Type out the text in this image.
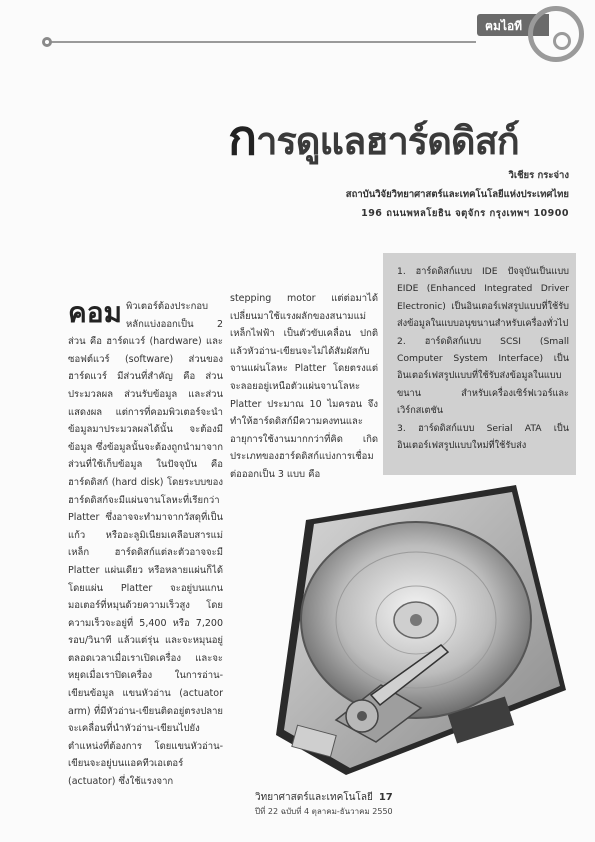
ฅมไอที
การดูแลฮาร์ดดิสก์
วิเชียร กระจ่าง
สถาบันวิจัยวิทยาศาสตร์และเทคโนโลยีแห่งประเทศไทย
196 ถนนพหลโยธิน จตุจักร กรุงเทพฯ 10900

คอม พิวเตอร์ต้องประกอบ หลักแบ่งออกเป็น 2 ส่วน คือ ฮาร์ดแวร์ (hardware) และซอฟต์แวร์ (software) ส่วนของฮาร์ดแวร์ มีส่วนที่สำคัญ คือ ส่วนประมวลผล ส่วนรับข้อมูล และส่วนแสดงผล แต่การที่คอมพิวเตอร์จะนำข้อมูลมาประมวลผลได้นั้น จะต้องมีข้อมูล ซึ่งข้อมูลนั้นจะต้องถูกนำมาจากส่วนที่ใช้เก็บข้อมูล ในปัจจุบัน คือ ฮาร์ดดิสก์ (hard disk) โดยระบบของฮาร์ดดิสก์จะมีแผ่นจานโลหะที่เรียกว่า Platter ซึ่งอาจจะทำมาจากวัสดุที่เป็นแก้ว หรืออะลูมิเนียมเคลือบสารแม่เหล็ก ฮาร์ดดิสก์แต่ละตัวอาจจะมี Platter แผ่นเดียว หรือหลายแผ่นก็ได้ โดยแผ่น Platter จะอยู่บนแกนมอเตอร์ที่หมุนด้วยความเร็วสูง โดยความเร็วจะอยู่ที่ 5,400 หรือ 7,200 รอบ/วินาที แล้วแต่รุ่น และจะหมุนอยู่ตลอดเวลาเมื่อเราเปิดเครื่อง และจะหยุดเมื่อเราปิดเครื่อง ในการอ่าน-เขียนข้อมูล แขนหัวอ่าน (actuator arm) ที่มีหัวอ่าน-เขียนติดอยู่ตรงปลาย จะเคลื่อนที่นำหัวอ่าน-เขียนไปยังตำแหน่งที่ต้องการ โดยแขนหัวอ่าน-เขียนจะอยู่บนแอคทีวเอเตอร์ (actuator) ซึ่งใช้แรงจาก

stepping motor แต่ต่อมาได้เปลี่ยนมาใช้แรงผลักของสนามแม่เหล็กไฟฟ้า เป็นตัวขับเคลื่อน ปกติแล้วหัวอ่าน-เขียนจะไม่ได้สัมผัสกับจานแผ่นโลหะ Platter โดยตรงแต่จะลอยอยู่เหนือตัวแผ่นจานโลหะ Platter ประมาณ 10 ไมครอน จึงทำให้ฮาร์ดดิสก์มีความคงทนและอายุการใช้งานมากกว่าที่คิด เกิดประเภทของฮาร์ดดิสก์แบ่งการเชื่อมต่อออกเป็น 3 แบบ คือ

1. ฮาร์ดดิสก์แบบ IDE ปัจจุบันเป็นแบบ EIDE (Enhanced Integrated Driver Electronic) เป็นอินเตอร์เฟสรูปแบบที่ใช้รับส่งข้อมูลในแบบอนุขนานสำหรับเครื่องทั่วไป

2. ฮาร์ดดิสก์แบบ SCSI (Small Computer System Interface) เป็นอินเตอร์เฟสรูปแบบที่ใช้รับส่งข้อมูลในแบบขนาน สำหรับเครื่องเซิร์ฟเวอร์และเวิร์กสเตชัน

3. ฮาร์ดดิสก์แบบ Serial ATA เป็นอินเตอร์เฟสรูปแบบใหม่ที่ใช้รับส่ง

วิทยาศาสตร์และเทคโนโลยี 17
ปีที่ 22 ฉบับที่ 4 ตุลาคม-ธันวาคม 2550
